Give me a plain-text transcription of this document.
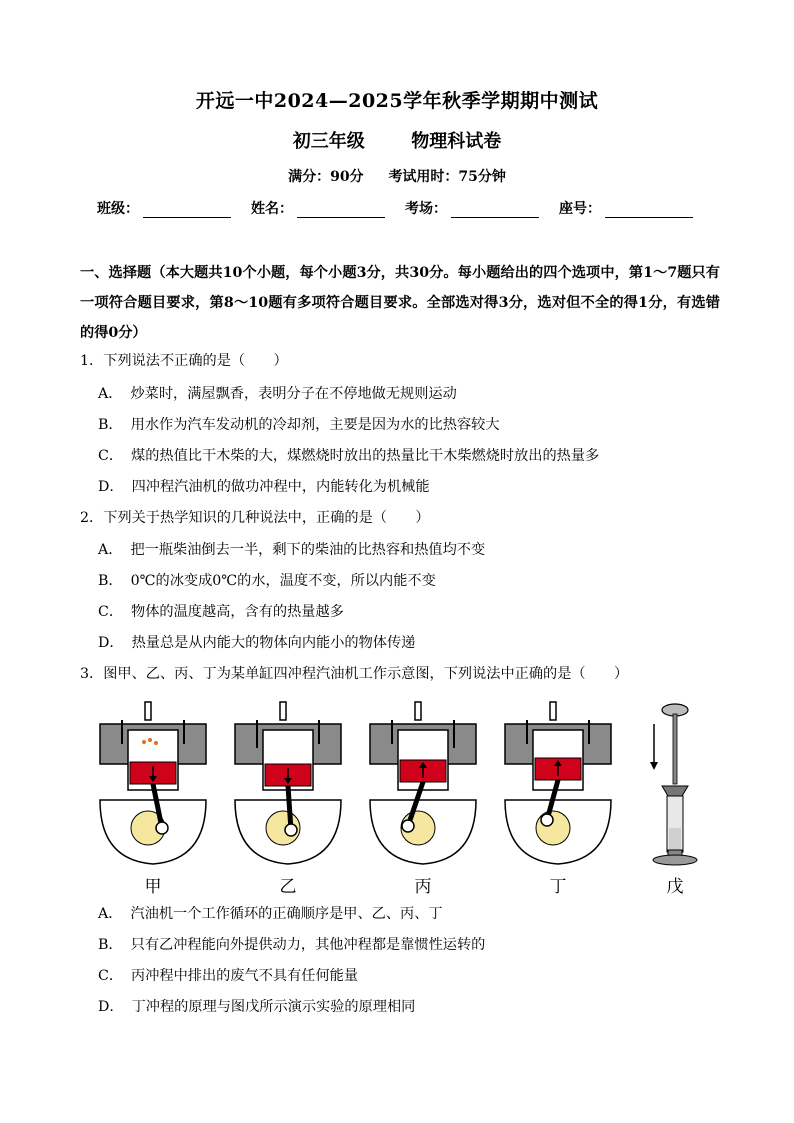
开远一中2024—2025学年秋季学期期中测试
初三年级	物理科试卷
满分：90分 考试用时：75分钟
班级：	姓名：	考场：	座号：
一、选择题（本大题共10个小题，每个小题3分，共30分。每小题给出的四个选项中，第1～7题只有一项符合题目要求，第8～10题有多项符合题目要求。全部选对得3分，选对但不全的得1分，有选错的得0分）
1．下列说法不正确的是（　　）
A． 炒菜时，满屋飘香，表明分子在不停地做无规则运动
B． 用水作为汽车发动机的冷却剂，主要是因为水的比热容较大
C． 煤的热值比干木柴的大，煤燃烧时放出的热量比干木柴燃烧时放出的热量多
D． 四冲程汽油机的做功冲程中，内能转化为机械能
2．下列关于热学知识的几种说法中，正确的是（　　）
A． 把一瓶柴油倒去一半，剩下的柴油的比热容和热值均不变
B． 0℃的冰变成0℃的水，温度不变，所以内能不变
C． 物体的温度越高，含有的热量越多
D． 热量总是从内能大的物体向内能小的物体传递
3．图甲、乙、丙、丁为某单缸四冲程汽油机工作示意图，下列说法中正确的是（　　）
甲	乙	丙	丁	戊
A． 汽油机一个工作循环的正确顺序是甲、乙、丙、丁
B． 只有乙冲程能向外提供动力，其他冲程都是靠惯性运转的
C． 丙冲程中排出的废气不具有任何能量
D． 丁冲程的原理与图戊所示演示实验的原理相同
